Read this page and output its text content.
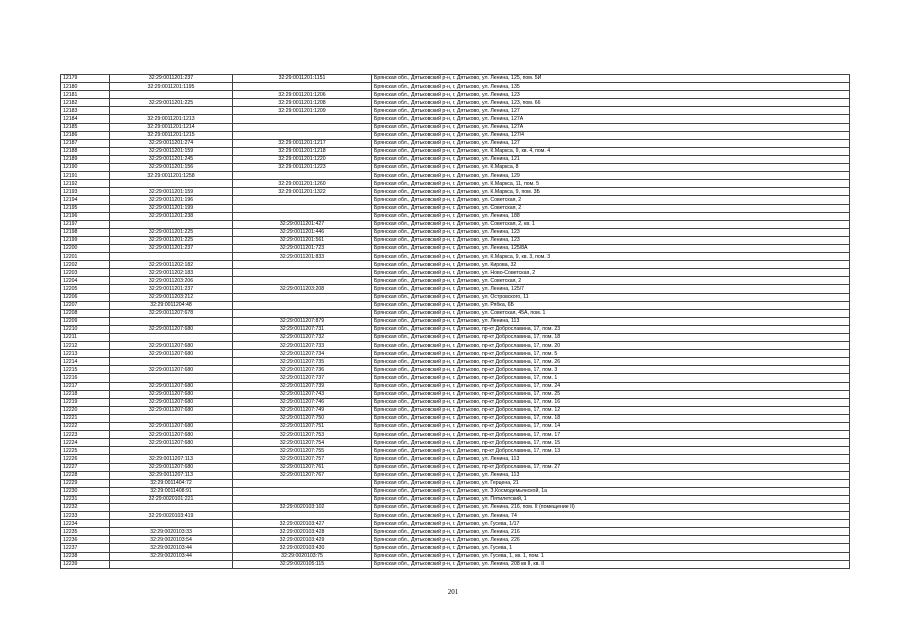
12179	32:29:0011201:237	32:29:0011201:1151	Брянская обл., Дятьковский р-н, г. Дятьково, ул. Ленина, 125, пом. 5И
12180	32:29:0011201:1195		Брянская обл., Дятьковский р-н, г. Дятьково, ул. Ленина, 135
12181		32:29:0011201:1206	Брянская обл., Дятьковский р-н, г. Дятьково, ул. Ленина, 123
12182	32:29:0011201:225	32:29:0011201:1208	Брянская обл., Дятьковский р-н, г. Дятьково, ул. Ленина, 123, пом. 66
12183		32:29:0011201:1209	Брянская обл., Дятьковский р-н, г. Дятьково, ул. Ленина, 127
12184	32:29:0011201:1213		Брянская обл., Дятьковский р-н, г. Дятьково, ул. Ленина, 127А
12185	32:29:0011201:1214		Брянская обл., Дятьковский р-н, г. Дятьково, ул. Ленина, 127А
12186	32:29:0011201:1215		Брянская обл., Дятьковский р-н, г. Дятьково, ул. Ленина, 127/4
12187	32:29:0011201:274	32:29:0011201:1217	Брянская обл., Дятьковский р-н, г. Дятьково, ул. Ленина, 127
12188	32:29:0011201:159	32:29:0011201:1218	Брянская обл., Дятьковский р-н, г. Дятьково, ул. К.Маркса, 9, кв. 4, пом. 4
12189	32:29:0011201:245	32:29:0011201:1220	Брянская обл., Дятьковский р-н, г. Дятьково, ул. Ленина, 121
12190	32:29:0011201:156	32:29:0011201:1223	Брянская обл., Дятьковский р-н, г. Дятьково, ул. К.Маркса, 8
12191	32:29:0011201:1258		Брянская обл., Дятьковский р-н, г. Дятьково, ул. Ленина, 129
12192		32:29:0011201:1260	Брянская обл., Дятьковский р-н, г. Дятьково, ул. К.Маркса, 11, пом. 5
12193	32:29:0011201:159	32:29:0011201:1322	Брянская обл., Дятьковский р-н, г. Дятьково, ул. К.Маркса, 9, пом. 3Б
12194	32:29:0011201:196		Брянская обл., Дятьковский р-н, г. Дятьково, ул. Советская, 2
12195	32:29:0011201:199		Брянская обл., Дятьковский р-н, г. Дятьково, ул. Советская, 2
12196	32:29:0011201:238		Брянская обл., Дятьковский р-н, г. Дятьково, ул. Ленина, 188
12197		32:29:0011201:427	Брянская обл., Дятьковский р-н, г. Дятьково, ул. Советская, 2, кв. 1
12198	32:29:0011201:225	32:29:0011201:446	Брянская обл., Дятьковский р-н, г. Дятьково, ул. Ленина, 123
12199	32:29:0011201:225	32:29:0011201:561	Брянская обл., Дятьковский р-н, г. Дятьково, ул. Ленина, 123
12200	32:29:0011201:237	32:29:0011201:723	Брянская обл., Дятьковский р-н, г. Дятьково, ул. Ленина, 125/8А
12201		32:29:0011201:833	Брянская обл., Дятьковский р-н, г. Дятьково, ул. К.Маркса, 9, кв. 3, пом. 3
12202	32:29:0011202:182		Брянская обл., Дятьковский р-н, г. Дятьково, ул. Кирова, 32
12203	32:29:0011202:183		Брянская обл., Дятьковский р-н, г. Дятьково, ул. Ново-Советская, 2
12204	32:29:0011203:206		Брянская обл., Дятьковский р-н, г. Дятьково, ул. Советская, 2
12205	32:29:0011201:237	32:29:0011203:208	Брянская обл., Дятьковский р-н, г. Дятьково, ул. Ленина, 125/7
12206	32:29:0011203:212		Брянская обл., Дятьковский р-н, г. Дятьково, ул. Островского, 11
12207	32:29:0011204:48		Брянская обл., Дятьковский р-н, г. Дятьково, ул. Рябка, 6Б
12208	32:29:0011207:678		Брянская обл., Дятьковский р-н, г. Дятьково, ул. Советская, 45А, пом. 1
12209		32:29:0011207:879	Брянская обл., Дятьковский р-н, г. Дятьково, ул. Ленина, 113
12210	32:29:0011207:680	32:29:0011207:731	Брянская обл., Дятьковский р-н, г. Дятьково, пр-кт Доброславина, 17, пом. 23
12211		32:29:0011207:732	Брянская обл., Дятьковский р-н, г. Дятьково, пр-кт Доброславина, 17, пом. 18
12212	32:29:0011207:680	32:29:0011207:733	Брянская обл., Дятьковский р-н, г. Дятьково, пр-кт Доброславина, 17, пом. 20
12213	32:29:0011207:680	32:29:0011207:734	Брянская обл., Дятьковский р-н, г. Дятьково, пр-кт Доброславина, 17, пом. 5
12214		32:29:0011207:735	Брянская обл., Дятьковский р-н, г. Дятьково, пр-кт Доброславина, 17, пом. 26
12215	32:29:0011207:680	32:29:0011207:736	Брянская обл., Дятьковский р-н, г. Дятьково, пр-кт Доброславина, 17, пом. 3
12216		32:29:0011207:737	Брянская обл., Дятьковский р-н, г. Дятьково, пр-кт Доброславина, 17, пом. 1
12217	32:29:0011207:680	32:29:0011207:739	Брянская обл., Дятьковский р-н, г. Дятьково, пр-кт Доброславина, 17, пом. 24
12218	32:29:0011207:680	32:29:0011207:743	Брянская обл., Дятьковский р-н, г. Дятьково, пр-кт Доброславина, 17, пом. 25
12219	32:29:0011207:680	32:29:0011207:746	Брянская обл., Дятьковский р-н, г. Дятьково, пр-кт Доброславина, 17, пом. 16
12220	32:29:0011207:680	32:29:0011207:749	Брянская обл., Дятьковский р-н, г. Дятьково, пр-кт Доброславина, 17, пом. 12
12221		32:29:0011207:750	Брянская обл., Дятьковский р-н, г. Дятьково, пр-кт Доброславина, 17, пом. 18
12222	32:29:0011207:680	32:29:0011207:751	Брянская обл., Дятьковский р-н, г. Дятьково, пр-кт Доброславина, 17, пом. 14
12223	32:29:0011207:680	32:29:0011207:753	Брянская обл., Дятьковский р-н, г. Дятьково, пр-кт Доброславина, 17, пом. 17
12224	32:29:0011207:680	32:29:0011207:754	Брянская обл., Дятьковский р-н, г. Дятьково, пр-кт Доброславина, 17, пом. 15
12225		32:29:0011207:755	Брянская обл., Дятьковский р-н, г. Дятьково, пр-кт Доброславина, 17, пом. 13
12226	32:29:0011207:113	32:29:0011207:757	Брянская обл., Дятьковский р-н, г. Дятьково, ул. Ленина, 113
12227	32:29:0011207:680	32:29:0011207:761	Брянская обл., Дятьковский р-н, г. Дятьково, пр-кт Доброславина, 17, пом. 27
12228	32:29:0011207:113	32:29:0011207:767	Брянская обл., Дятьковский р-н, г. Дятьково, ул. Ленина, 113
12229	32:29:0011404:72		Брянская обл., Дятьковский р-н, г. Дятьково, ул. Герцена, 21
12230	32:29:0011408:91		Брянская обл., Дятьковский р-н, г. Дятьково, ул. З.Космодемьянской, 1а
12231	32:29:0020101:221		Брянская обл., Дятьковский р-н, г. Дятьково, ул. Пятилетский, 1
12232		32:29:0020103:102	Брянская обл., Дятьковский р-н, г. Дятьково, ул. Ленина, 216, пом. II (помещение II)
12233	32:29:0020103:419		Брянская обл., Дятьковский р-н, г. Дятьково, ул. Ленина, 74
12234		32:29:0020103:427	Брянская обл., Дятьковский р-н, г. Дятьково, ул. Гусева, 1/17
12235	32:29:0020103:33	32:29:0020103:428	Брянская обл., Дятьковский р-н, г. Дятьково, ул. Ленина, 216
12236	32:29:0020103:54	32:29:0020103:429	Брянская обл., Дятьковский р-н, г. Дятьково, ул. Ленина, 226
12237	32:29:0020103:44	32:29:0020103:430	Брянская обл., Дятьковский р-н, г. Дятьково, ул. Гусева, 1
12238	32:29:0020103:44	32:29:0020103:75	Брянская обл., Дятьковский р-н, г. Дятьково, ул. Гусева, 1, кв. 1, пом. 1
12239		32:29:0020105:115	Брянская обл., Дятьковский р-н, г. Дятьково, ул. Ленина, 208 кв II, кв. II
201
